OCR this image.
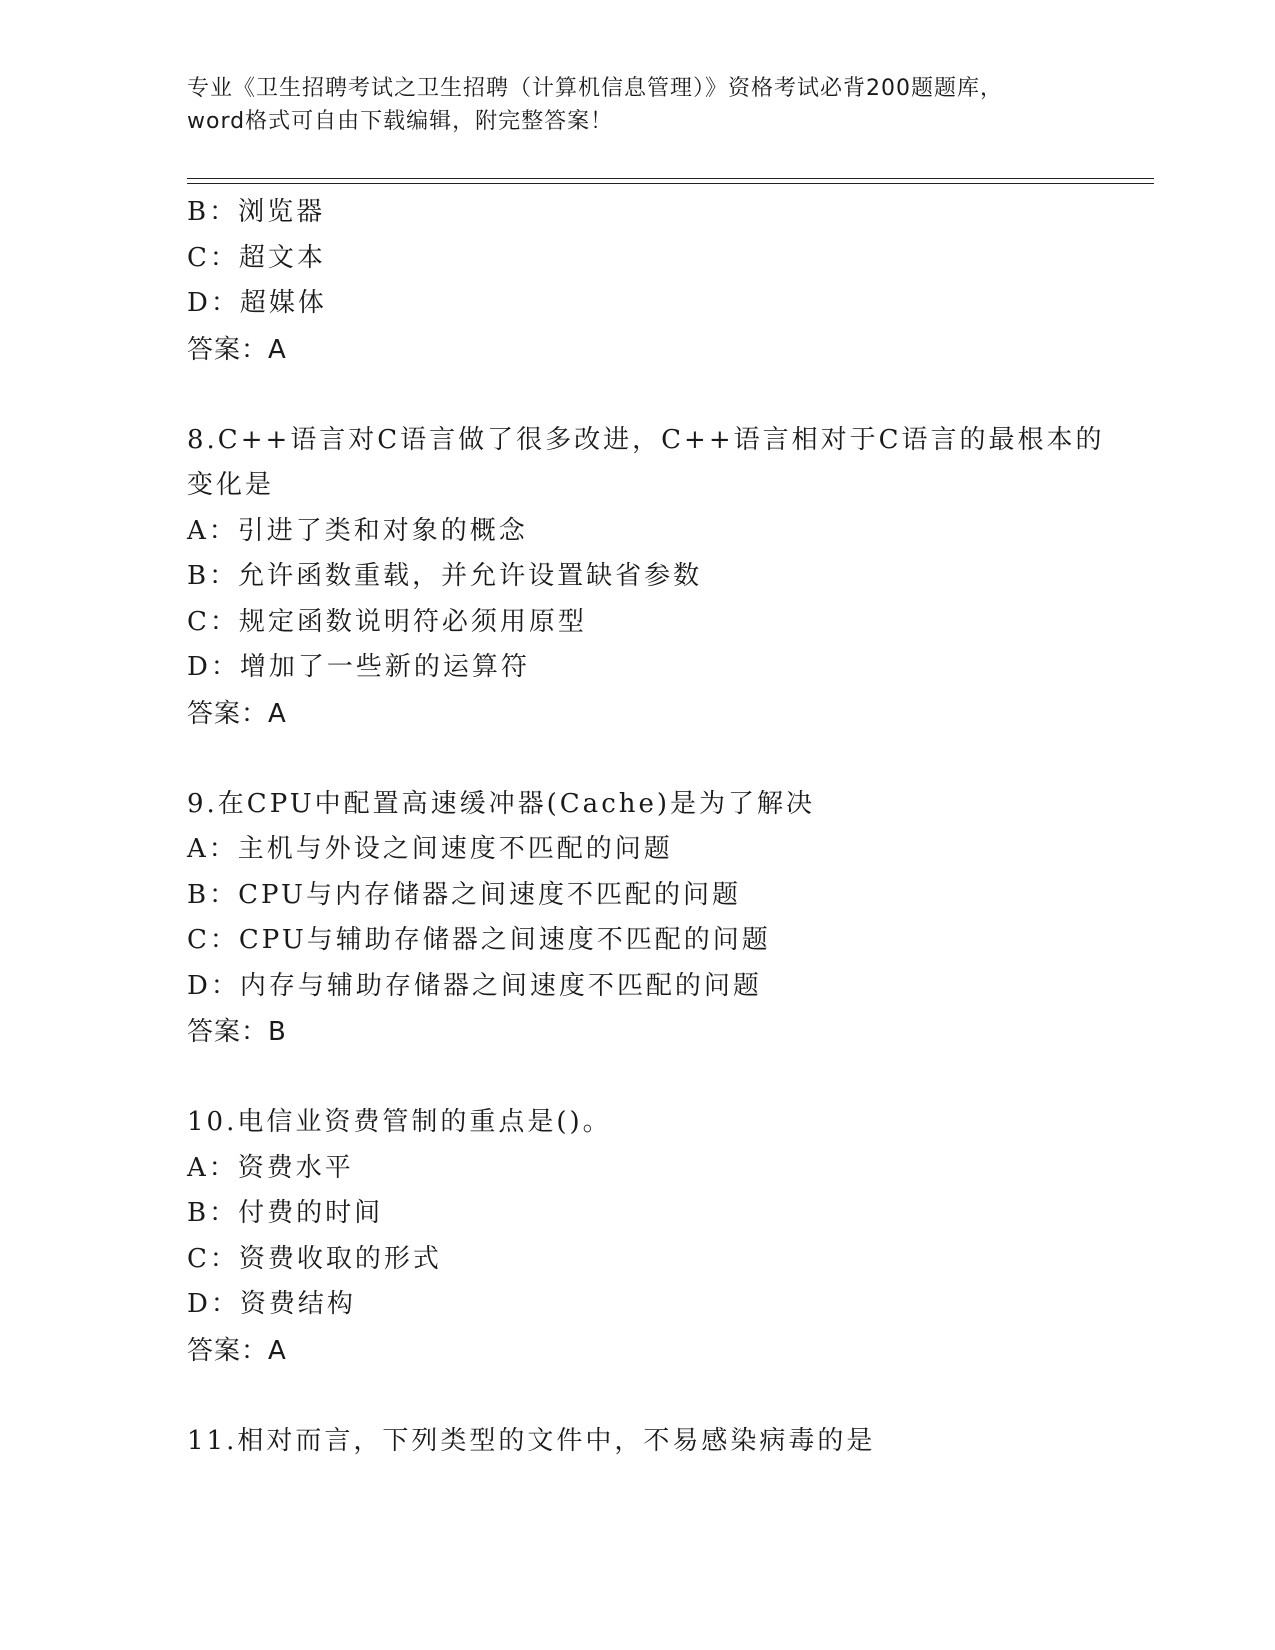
专业《卫生招聘考试之卫生招聘（计算机信息管理）》资格考试必背200题题库，
word格式可自由下载编辑，附完整答案！
B：浏览器
C：超文本
D：超媒体
答案：A
8.C++语言对C语言做了很多改进，C++语言相对于C语言的最根本的
变化是
A：引进了类和对象的概念
B：允许函数重载，并允许设置缺省参数
C：规定函数说明符必须用原型
D：增加了一些新的运算符
答案：A
9.在CPU中配置高速缓冲器(Cache)是为了解决
A：主机与外设之间速度不匹配的问题
B：CPU与内存储器之间速度不匹配的问题
C：CPU与辅助存储器之间速度不匹配的问题
D：内存与辅助存储器之间速度不匹配的问题
答案：B
10.电信业资费管制的重点是()。
A：资费水平
B：付费的时间
C：资费收取的形式
D：资费结构
答案：A
11.相对而言，下列类型的文件中，不易感染病毒的是
